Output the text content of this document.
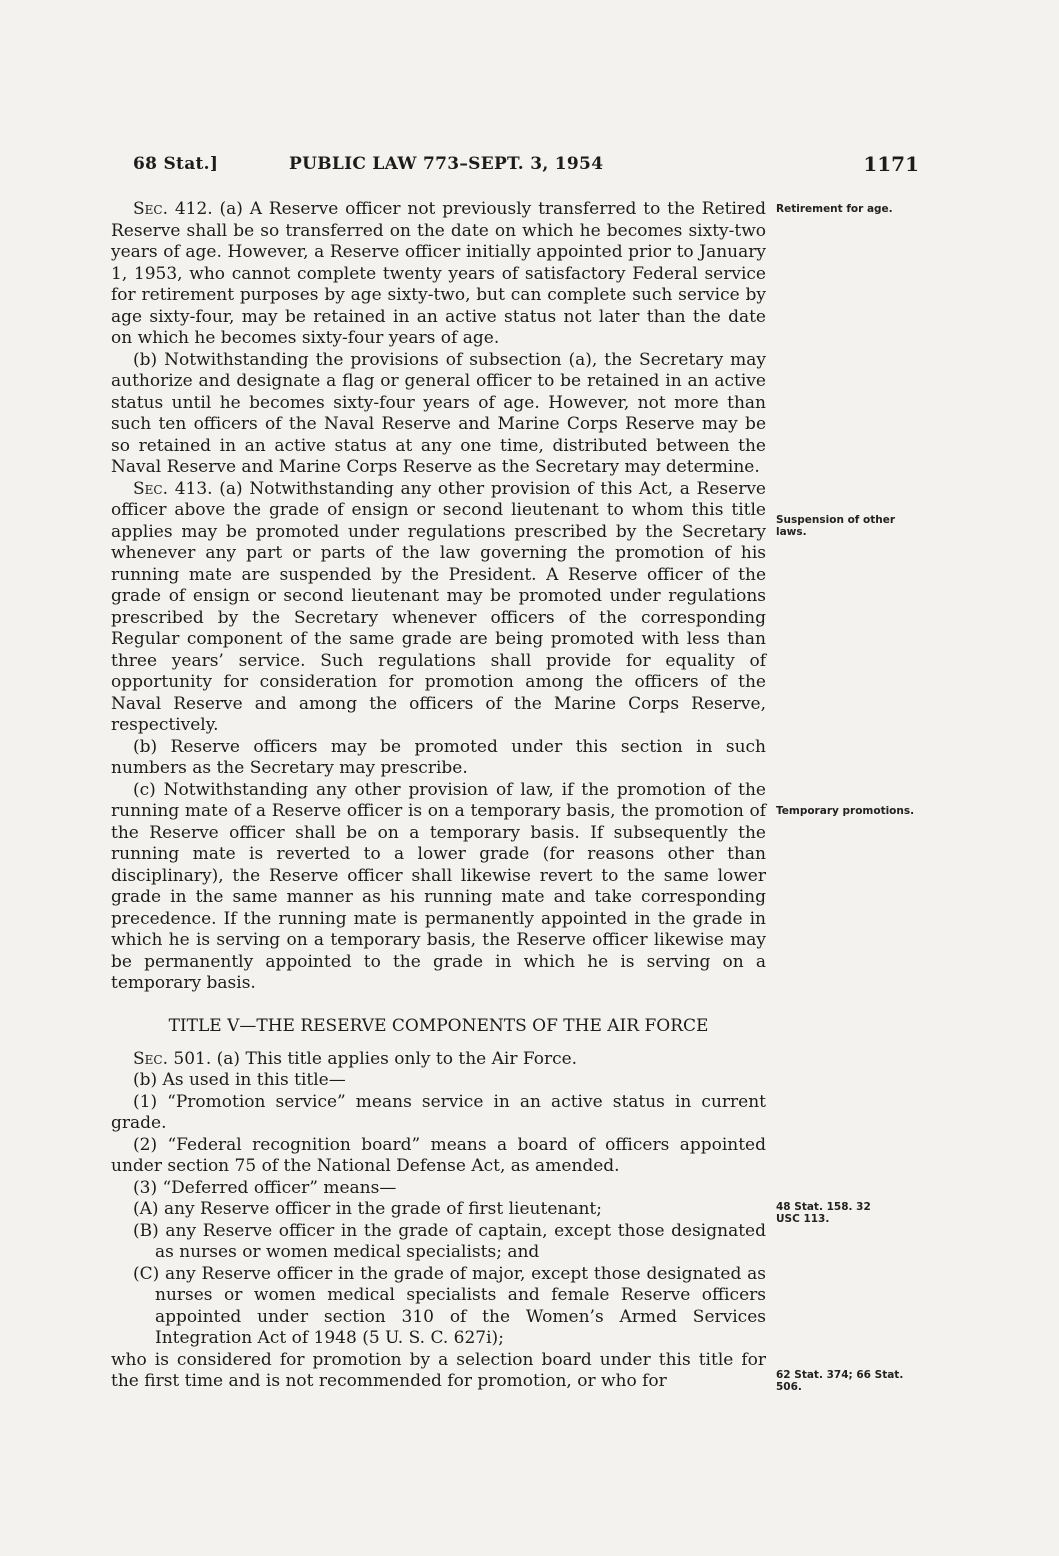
68 Stat.]	PUBLIC LAW 773–SEPT. 3, 1954	1171
Retirement for age.
Suspension of other laws.
Temporary promotions.
48 Stat. 158. 32 USC 113.
62 Stat. 374; 66 Stat. 506.

Sec. 412. (a) A Reserve officer not previously transferred to the Retired Reserve shall be so transferred on the date on which he becomes sixty-two years of age. However, a Reserve officer initially appointed prior to January 1, 1953, who cannot complete twenty years of satisfactory Federal service for retirement purposes by age sixty-two, but can complete such service by age sixty-four, may be retained in an active status not later than the date on which he becomes sixty-four years of age.

(b) Notwithstanding the provisions of subsection (a), the Secretary may authorize and designate a flag or general officer to be retained in an active status until he becomes sixty-four years of age. However, not more than such ten officers of the Naval Reserve and Marine Corps Reserve may be so retained in an active status at any one time, distributed between the Naval Reserve and Marine Corps Reserve as the Secretary may determine.

Sec. 413. (a) Notwithstanding any other provision of this Act, a Reserve officer above the grade of ensign or second lieutenant to whom this title applies may be promoted under regulations prescribed by the Secretary whenever any part or parts of the law governing the promotion of his running mate are suspended by the President. A Reserve officer of the grade of ensign or second lieutenant may be promoted under regulations prescribed by the Secretary whenever officers of the corresponding Regular component of the same grade are being promoted with less than three years’ service. Such regulations shall provide for equality of opportunity for consideration for promotion among the officers of the Naval Reserve and among the officers of the Marine Corps Reserve, respectively.

(b) Reserve officers may be promoted under this section in such numbers as the Secretary may prescribe.

(c) Notwithstanding any other provision of law, if the promotion of the running mate of a Reserve officer is on a temporary basis, the promotion of the Reserve officer shall be on a temporary basis. If subsequently the running mate is reverted to a lower grade (for reasons other than disciplinary), the Reserve officer shall likewise revert to the same lower grade in the same manner as his running mate and take corresponding precedence. If the running mate is permanently appointed in the grade in which he is serving on a temporary basis, the Reserve officer likewise may be permanently appointed to the grade in which he is serving on a temporary basis.

TITLE V—THE RESERVE COMPONENTS OF THE AIR FORCE

Sec. 501. (a) This title applies only to the Air Force.

(b) As used in this title—

(1) “Promotion service” means service in an active status in current grade.

(2) “Federal recognition board” means a board of officers appointed under section 75 of the National Defense Act, as amended.

(3) “Deferred officer” means—

(A) any Reserve officer in the grade of first lieutenant;

(B) any Reserve officer in the grade of captain, except those designated as nurses or women medical specialists; and

(C) any Reserve officer in the grade of major, except those designated as nurses or women medical specialists and female Reserve officers appointed under section 310 of the Women’s Armed Services Integration Act of 1948 (5 U. S. C. 627i);

who is considered for promotion by a selection board under this title for the first time and is not recommended for promotion, or who for
